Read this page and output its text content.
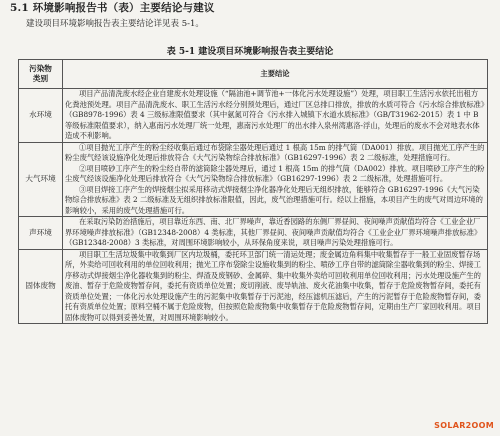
5.1 环境影响报告书（表）主要结论与建议
建设项目环境影响报告表主要结论详见表 5-1。
表 5-1 建设项目环境影响报告表主要结论
污染物
类别	主要结论
水环境	项目产品清洗废水经企业自建废水处理设施（“隔油池+调节池+一体化污水处理设施”）处理，项目职工生活污水依托出租方化粪池预处理。项目产品清洗废水、职工生活污水经分别预处理后，通过厂区总排口排放，排放的水质可符合《污水综合排放标准》（GB8978-1996）表 4 三级标准限值要求（其中氨氮可符合《污水排入城镇下水道水质标准》（GB/T31962-2015）表 1 中 B 等级标准限值要求），纳入惠南污水处理厂统一处理，惠南污水处理厂的出水排入泉州湾惠洛-浮山，处理后的废水不会对地表水体造成不利影响。

大气环境	①项目抛光工序产生的粉尘经收集后通过布袋除尘器处理后通过 1 根高 15m 的排气筒（DA001）排放。项目抛光工序产生的粉尘废气经该设施净化处理后排放符合《大气污染物综合排放标准》（GB16297-1996）表 2 二级标准，处理措施可行。

②项目喷砂工序产生的粉尘经自带的滤筒除尘器处理后，通过 1 根高 15m 的排气筒（DA002）排放。项目喷砂工序产生的粉尘废气经该设施净化处理后排放符合《大气污染物综合排放标准》（GB16297-1996）表 2 二级标准，处理措施可行。

③项目焊接工序产生的焊接烟尘拟采用移动式焊接烟尘净化器净化处理后无组织排放，能够符合 GB16297-1996《大气污染物综合排放标准》表 2 二级标准及无组织排放标准限值，因此，废气治理措施可行。经以上措施，本项目产生的废气对周边环境的影响较小，采用的废气处理措施可行。

声环境	在采取污染防治措施后，项目靠近东西、南、北厂界噪声，靠近香园路的东侧厂界昼间、夜间噪声贡献值均符合《工业企业厂界环境噪声排放标准》（GB12348-2008）4 类标准，其他厂界昼间、夜间噪声贡献值均符合《工业企业厂界环境噪声排放标准》（GB12348-2008）3 类标准，对周围环境影响较小，从环保角度来说，项目噪声污染处理措施可行。

固体废物	项目职工生活垃圾集中收集到厂区内垃圾桶，委托环卫部门统一清运处理；废金属边角料集中收集暂存于一般工业固废暂存场所，外卖给可回收利用的单位回收利用；抛光工序布袋除尘设施收集到的粉尘、喷砂工序自带的滤筒除尘器收集到的粉尘、焊接工序移动式焊接烟尘净化器收集到的粉尘、焊渣及废钢砂、金属碎、集中收集外卖给可回收利用单位回收利用；污水处理设施产生的废油、暂存于危险废物暂存间，委托有资质单位处置；废切削液、废导轨油、废火花油集中收集，暂存于危险废物暂存间，委托有资质单位处置；一体化污水处理设施产生的污泥集中收集暂存于污泥池，经压滤机压滤后，产生的污泥暂存于危险废物暂存间，委托有资质单位处置；原料空桶不属于危险废物，但按照危险废物集中收集暂存于危险废物暂存间，定期由生产厂家回收利用。项目固体废物可以得到妥善处置，对周围环境影响较小。

SOLAR2OOM
